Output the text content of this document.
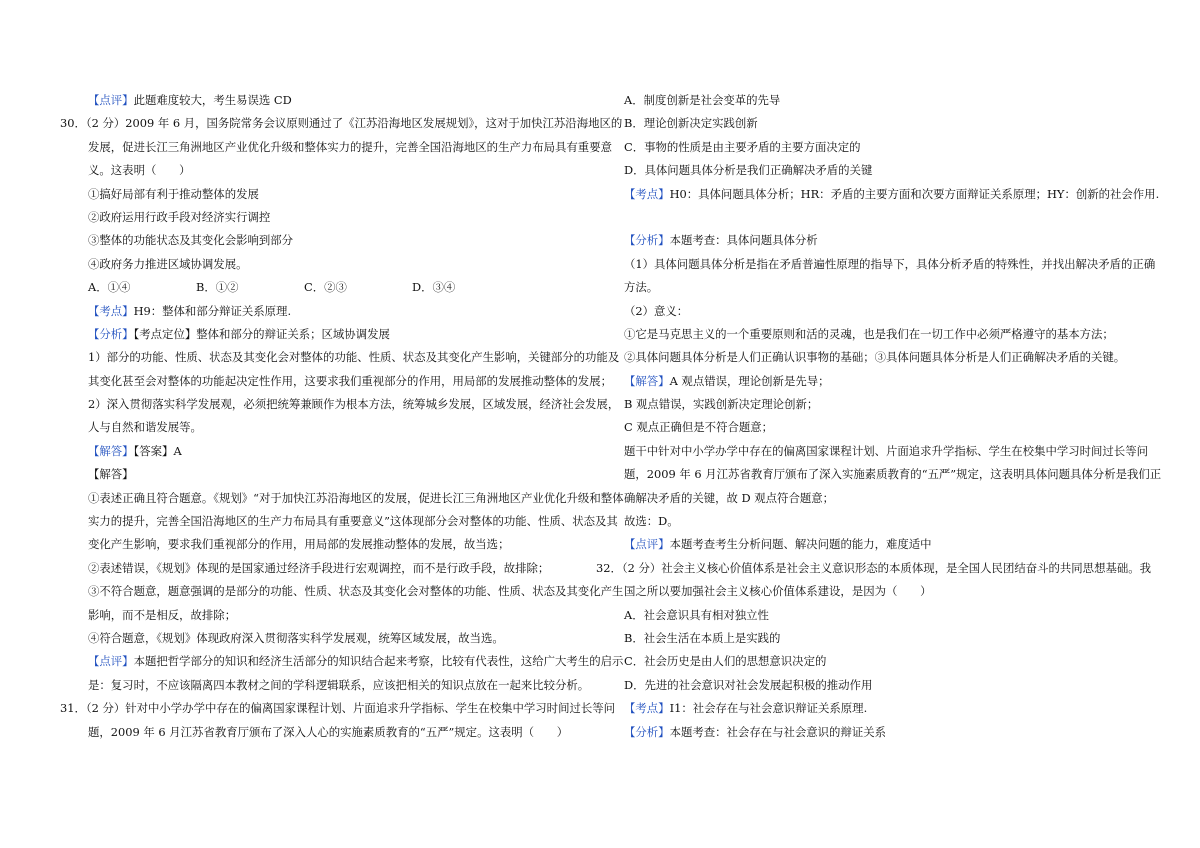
【点评】此题难度较大，考生易误选 CD
30．（2 分）2009 年 6 月，国务院常务会议原则通过了《江苏沿海地区发展规划》，这对于加快江苏沿海地区的
发展，促进长江三角洲地区产业优化升级和整体实力的提升，完善全国沿海地区的生产力布局具有重要意
义。这表明（　　）
①搞好局部有利于推动整体的发展
②政府运用行政手段对经济实行调控
③整体的功能状态及其变化会影响到部分
④政府务力推进区域协调发展。
A．①④	B．①②	C．②③	D．③④
【考点】H9：整体和部分辩证关系原理.
【分析】【考点定位】整体和部分的辩证关系；区域协调发展
1）部分的功能、性质、状态及其变化会对整体的功能、性质、状态及其变化产生影响，关键部分的功能及
其变化甚至会对整体的功能起决定性作用，这要求我们重视部分的作用，用局部的发展推动整体的发展；
2）深入贯彻落实科学发展观，必须把统筹兼顾作为根本方法，统筹城乡发展，区域发展，经济社会发展，
人与自然和谐发展等。
【解答】【答案】A
【解答】
①表述正确且符合题意。《规划》“对于加快江苏沿海地区的发展，促进长江三角洲地区产业优化升级和整体
实力的提升，完善全国沿海地区的生产力布局具有重要意义”这体现部分会对整体的功能、性质、状态及其
变化产生影响，要求我们重视部分的作用，用局部的发展推动整体的发展，故当选；
②表述错误，《规划》体现的是国家通过经济手段进行宏观调控，而不是行政手段，故排除；
③不符合题意，题意强调的是部分的功能、性质、状态及其变化会对整体的功能、性质、状态及其变化产生
影响，而不是相反，故排除；
④符合题意，《规划》体现政府深入贯彻落实科学发展观，统筹区域发展，故当选。
【点评】本题把哲学部分的知识和经济生活部分的知识结合起来考察，比较有代表性，这给广大考生的启示
是：复习时，不应该隔离四本教材之间的学科逻辑联系，应该把相关的知识点放在一起来比较分析。
31．（2 分）针对中小学办学中存在的偏离国家课程计划、片面追求升学指标、学生在校集中学习时间过长等问
题，2009 年 6 月江苏省教育厅颁布了深入人心的实施素质教育的“五严”规定。这表明（　　）
A．制度创新是社会变革的先导
B．理论创新决定实践创新
C．事物的性质是由主要矛盾的主要方面决定的
D．具体问题具体分析是我们正确解决矛盾的关键
【考点】H0：具体问题具体分析；HR：矛盾的主要方面和次要方面辩证关系原理；HY：创新的社会作用.
【分析】本题考查：具体问题具体分析
（1）具体问题具体分析是指在矛盾普遍性原理的指导下，具体分析矛盾的特殊性，并找出解决矛盾的正确
方法。
（2）意义：
①它是马克思主义的一个重要原则和活的灵魂，也是我们在一切工作中必须严格遵守的基本方法；
②具体问题具体分析是人们正确认识事物的基础；③具体问题具体分析是人们正确解决矛盾的关键。
【解答】A 观点错误，理论创新是先导；
B 观点错误，实践创新决定理论创新；
C 观点正确但是不符合题意；
题干中针对中小学办学中存在的偏离国家课程计划、片面追求升学指标、学生在校集中学习时间过长等问
题，2009 年 6 月江苏省教育厅颁布了深入实施素质教育的“五严”规定，这表明具体问题具体分析是我们正
确解决矛盾的关键，故 D 观点符合题意；
故选：D。
【点评】本题考查考生分析问题、解决问题的能力，难度适中
32．（2 分）社会主义核心价值体系是社会主义意识形态的本质体现，是全国人民团结奋斗的共同思想基础。我
国之所以要加强社会主义核心价值体系建设，是因为（　　）
A．社会意识具有相对独立性
B．社会生活在本质上是实践的
C．社会历史是由人们的思想意识决定的
D．先进的社会意识对社会发展起积极的推动作用
【考点】I1：社会存在与社会意识辩证关系原理.
【分析】本题考查：社会存在与社会意识的辩证关系
